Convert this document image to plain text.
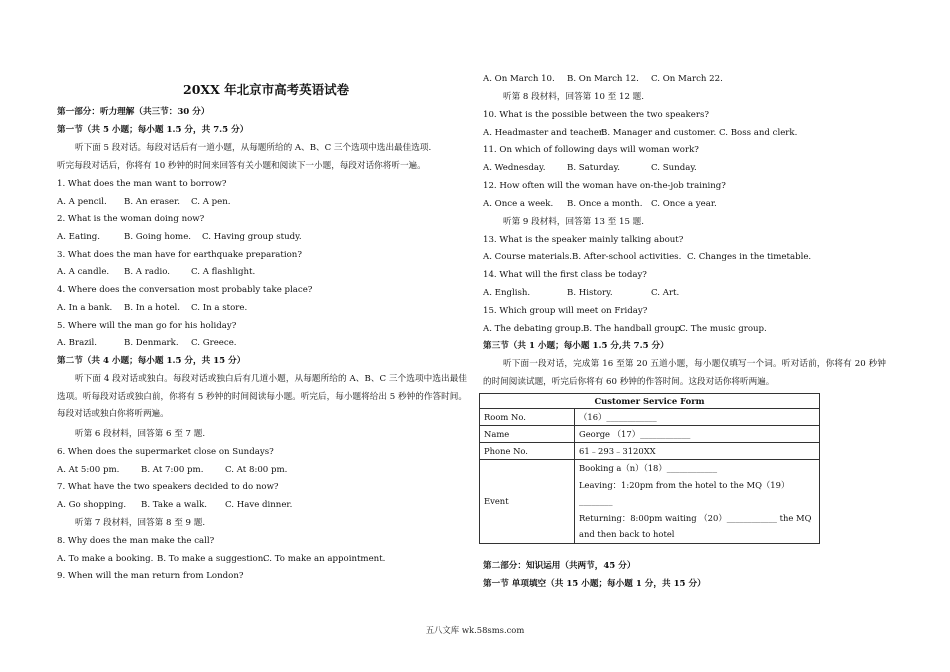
20XX 年北京市高考英语试卷
第一部分：听力理解（共三节：30 分）
第一节（共 5 小题；每小题 1.5 分，共 7.5 分）
听下面 5 段对话。每段对话后有一道小题，从每题所给的 A、B、C 三个选项中选出最佳选项.
听完每段对话后，你将有 10 秒钟的时间来回答有关小题和阅读下一小题，每段对话你将听一遍。
1. What does the man want to borrow?
A. A pencil. B. An eraser. C. A pen.
2. What is the woman doing now?
A. Eating.	B. Going home. C. Having group study.
3. What does the man have for earthquake preparation?
A. A candle. B. A radio. C. A flashlight.
4. Where does the conversation most probably take place?
A. In a bank. B. In a hotel. C. In a store.
5. Where will the man go for his holiday?
A. Brazil.	B. Denmark. C. Greece.
第二节（共 4 小题；每小题 1.5 分，共 15 分）
听下面 4 段对话或独白。每段对话或独白后有几道小题，从每题所给的 A、B、C 三个选项中选出最佳选项。听每段对话或独白前，你将有 5 秒钟的时间阅读每小题。听完后，每小题将给出 5 秒钟的作答时间。每段对话或独白你将听两遍。
听第 6 段材料，回答第 6 至 7 题.
6. When does the supermarket close on Sundays?
A. At 5:00 pm.	B. At 7:00 pm.	C. At 8:00 pm.
7. What have the two speakers decided to do now?
A. Go shopping. B. Take a walk. C. Have dinner.
听第 7 段材料，回答第 8 至 9 题.
8. Why does the man make the call?
A. To make a booking. B. To make a suggestion.C. To make an appointment.
9. When will the man return from London?
A. On March 10. B. On March 12. C. On March 22.
听第 8 段材料，回答第 10 至 12 题.
10. What is the possible between the two speakers?
A. Headmaster and teacher.B. Manager and customer. C. Boss and clerk.
11. On which of following days will woman work?
A. Wednesday.	B. Saturday.	C. Sunday.
12. How often will the woman have on-the-job training?
A. Once a week. B. Once a month. C. Once a year.
听第 9 段材料，回答第 13 至 15 题.
13. What is the speaker mainly talking about?
A. Course materials.B. After-school activities. C. Changes in the timetable.
14. What will the first class be today?
A. English.	B. History.	C. Art.
15. Which group will meet on Friday?
A. The debating group.B. The handball group.C. The music group.
第三节（共 1 小题；每小题 1.5 分,共 7.5 分）
听下面一段对话，完成第 16 至第 20 五道小题，每小题仅填写一个词。听对话前，你将有 20 秒钟的时间阅读试题，听完后你将有 60 秒钟的作答时间。这段对话你将听两遍。
Customer Service Form	
Room No.	（16）____________
Name	George （17）____________
Phone No.	61﹣293﹣3120XX
Event	Booking a（n）（18）____________
Leaving：1:20pm from the hotel to the MQ（19）________
Returning：8:00pm waiting （20）____________ the MQ
and then back to hotel
第二部分：知识运用（共两节，45 分）
第一节 单项填空（共 15 小题；每小题 1 分，共 15 分）
五八文库 wk.58sms.com
